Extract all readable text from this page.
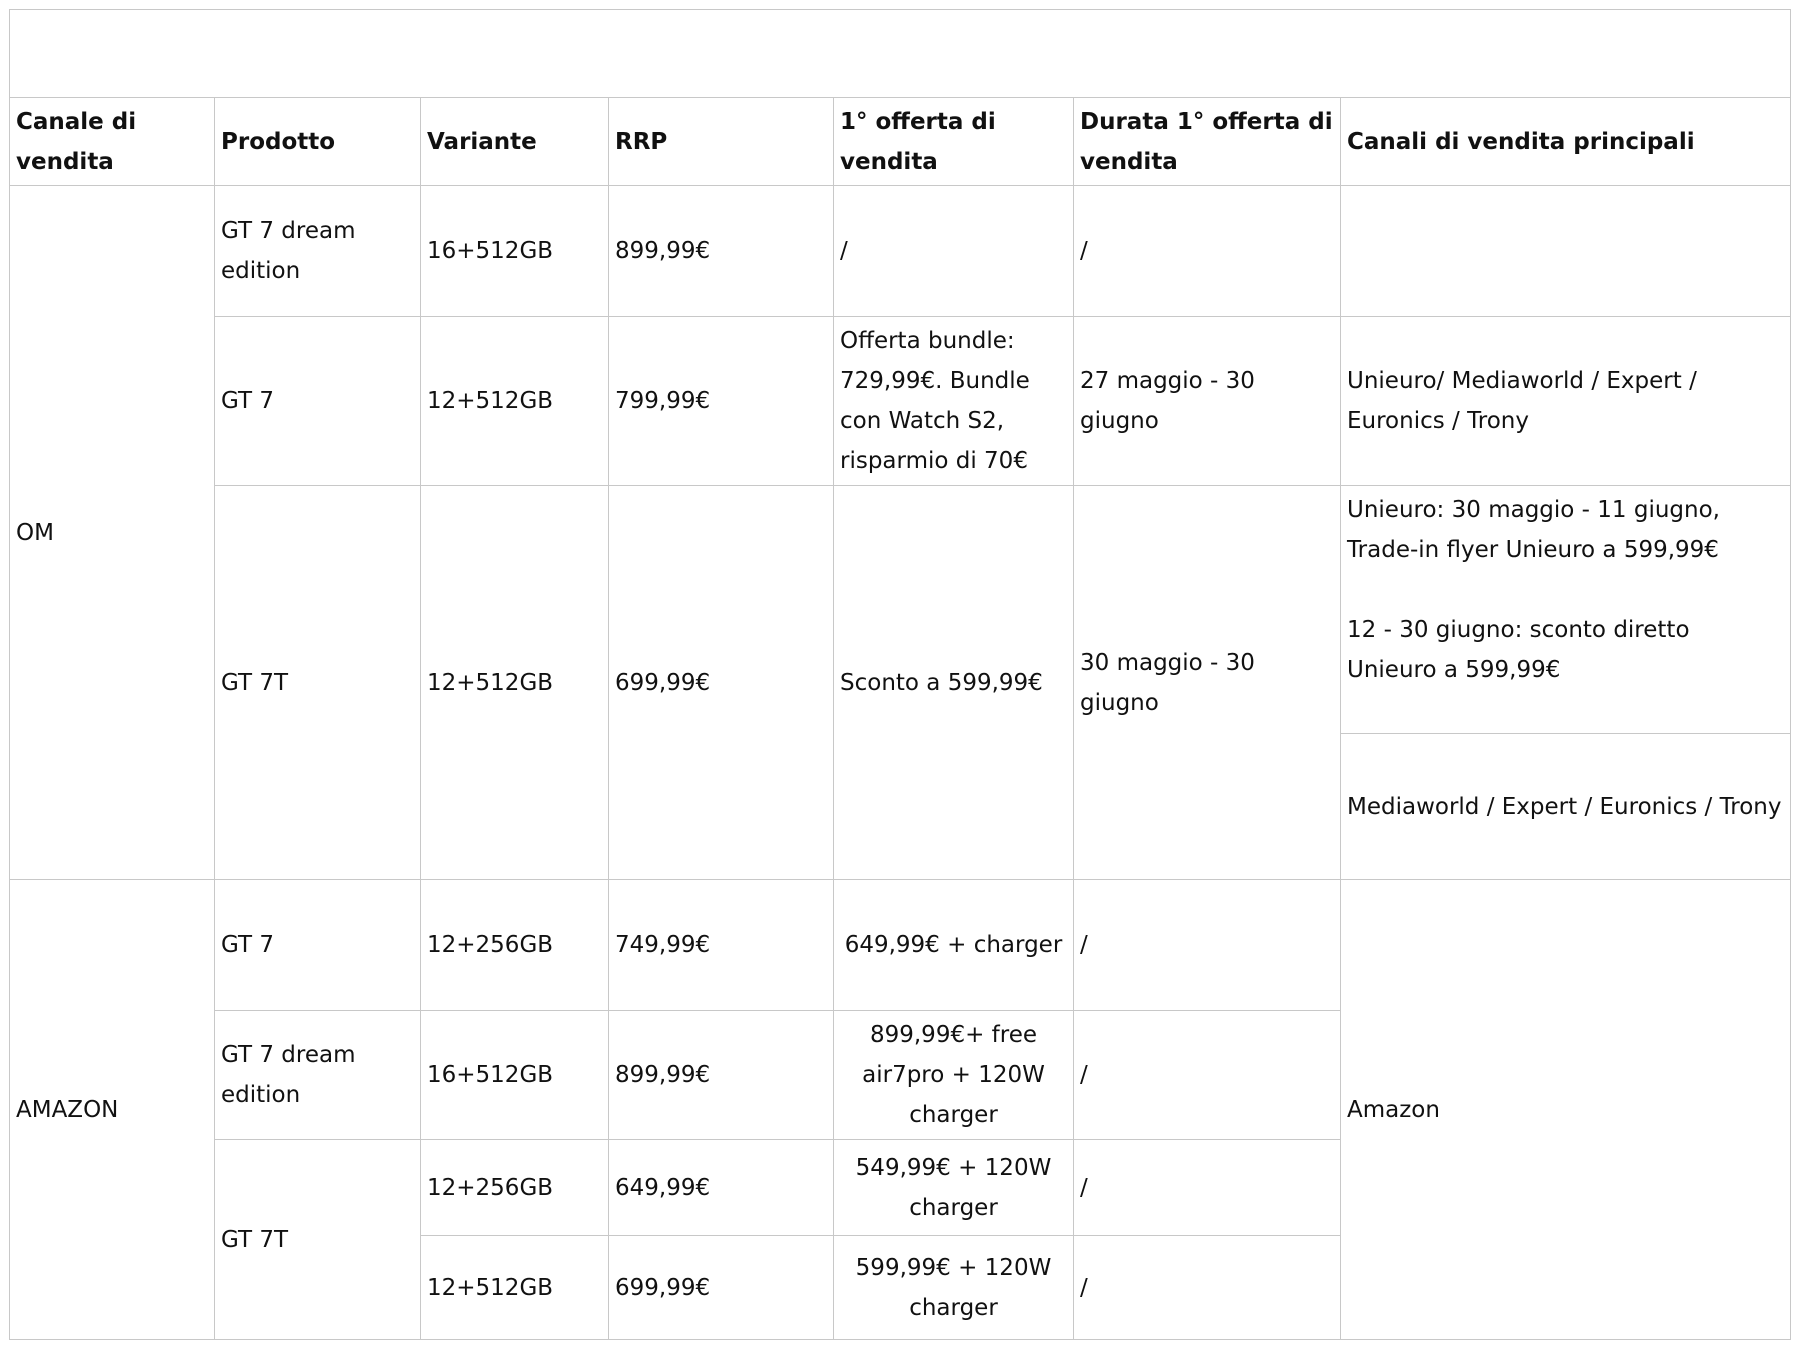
Canale di vendita	Prodotto	Variante	RRP	1° offerta di vendita	Durata 1° offerta di vendita	Canali di vendita principali
OM	GT 7 dream edition	16+512GB	899,99€	/	/	
	GT 7	12+512GB	799,99€	Offerta bundle: 729,99€. Bundle con Watch S2, risparmio di 70€	27 maggio - 30 giugno	Unieuro/ Mediaworld / Expert / Euronics / Trony
	GT 7T	12+512GB	699,99€	Sconto a 599,99€	30 maggio - 30 giugno	Unieuro: 30 maggio - 11 giugno, Trade-in flyer Unieuro a 599,99€

12 - 30 giugno: sconto diretto Unieuro a 599,99€

						Mediaworld / Expert / Euronics / Trony
AMAZON	GT 7	12+256GB	749,99€	649,99€ + charger	/	Amazon
	GT 7 dream edition	16+512GB	899,99€	899,99€+ free air7pro + 120W charger	/	
	GT 7T	12+256GB	649,99€	549,99€ + 120W charger	/	
		12+512GB	699,99€	599,99€ + 120W charger	/	
